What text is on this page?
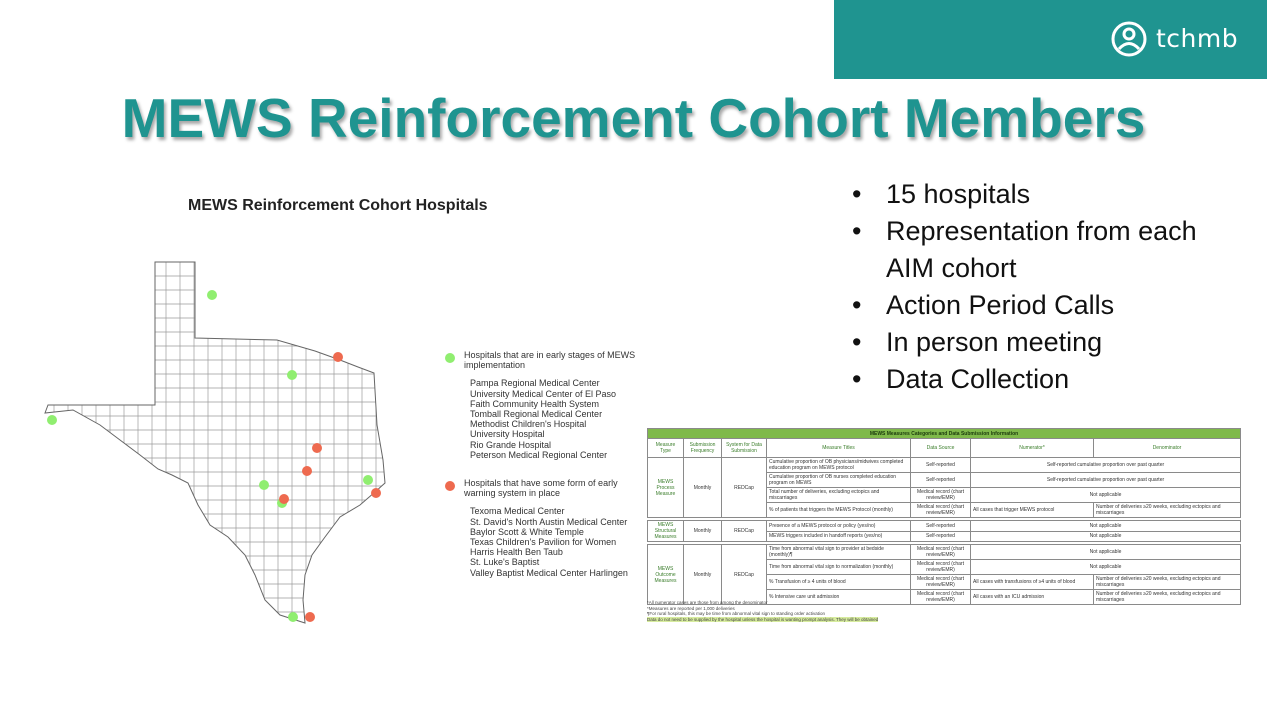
tchmb
MEWS Reinforcement Cohort Members
MEWS Reinforcement Cohort Hospitals
Hospitals that are in early stages of MEWS implementation
Pampa Regional Medical Center
University Medical Center of El Paso
Faith Community Health System
Tomball Regional Medical Center
Methodist Children's Hospital
University Hospital
Rio Grande Hospital
Peterson Medical Regional Center
Hospitals that have some form of early warning system in place
Texoma Medical Center
St. David's North Austin Medical Center
Baylor Scott & White Temple
Texas Children's Pavilion for Women
Harris Health Ben Taub
St. Luke's Baptist
Valley Baptist Medical Center Harlingen
• 15 hospitals
• Representation from each AIM cohort
• Action Period Calls
• In person meeting
• Data Collection
MEWS Measures Categories and Data Submission Information						
Measure Type	Submission Frequency	System for Data Submission	Measure Titles	Data Source	Numerator*	Denominator
MEWS Process Measure	Monthly	REDCap	Cumulative proportion of OB physicians/midwives completed education program on MEWS protocol	Self-reported	Self-reported cumulative proportion over past quarter	
			Cumulative proportion of OB nurses completed education program on MEWS	Self-reported	Self-reported cumulative proportion over past quarter	
			Total number of deliveries, excluding ectopics and miscarriages	Medical record (chart review/EMR)	Not applicable	
			% of patients that triggers the MEWS Protocol (monthly)	Medical record (chart review/EMR)	All cases that trigger MEWS protocol	Number of deliveries ≥20 weeks, excluding ectopics and miscarriages

MEWS Structural Measures	Monthly	REDCap	Presence of a MEWS protocol or policy (yes/no)	Self-reported	Not applicable	
			MEWS triggers included in handoff reports (yes/no)	Self-reported	Not applicable	

MEWS Outcome Measures	Monthly	REDCap	Time from abnormal vital sign to provider at bedside (monthly)¶	Medical record (chart review/EMR)	Not applicable	
			Time from abnormal vital sign to normalization (monthly)	Medical record (chart review/EMR)	Not applicable	
			% Transfusion of ≥ 4 units of blood	Medical record (chart review/EMR)	All cases with transfusions of ≥4 units of blood	Number of deliveries ≥20 weeks, excluding ectopics and miscarriages
			% Intensive care unit admission	Medical record (chart review/EMR)	All cases with an ICU admission	Number of deliveries ≥20 weeks, excluding ectopics and miscarriages
*All numerator cases are those from among the denominator
*Measures are reported per 1,000 deliveries
¶For rural hospitals, this may be time from abnormal vital sign to standing order activation
Data do not need to be supplied by the hospital unless the hospital is wanting prompt analysis. They will be obtained
